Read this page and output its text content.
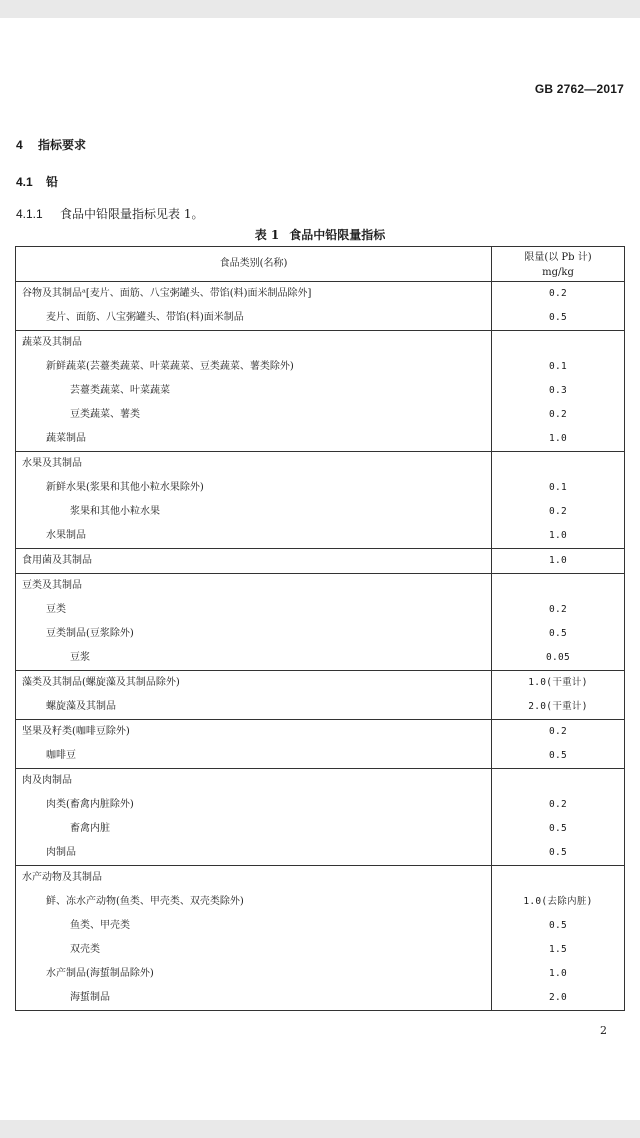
GB 2762—2017
4 指标要求
4.1 铅
4.1.1 食品中铅限量指标见表 1。
表 1 食品中铅限量指标
食品类别(名称)	限量(以 Pb 计)
mg/kg
谷物及其制品ᵃ[麦片、面筋、八宝粥罐头、带馅(料)面米制品除外]	0.2
麦片、面筋、八宝粥罐头、带馅(料)面米制品	0.5
蔬菜及其制品	
新鲜蔬菜(芸薹类蔬菜、叶菜蔬菜、豆类蔬菜、薯类除外)	0.1
芸薹类蔬菜、叶菜蔬菜	0.3
豆类蔬菜、薯类	0.2
蔬菜制品	1.0
水果及其制品	
新鲜水果(浆果和其他小粒水果除外)	0.1
浆果和其他小粒水果	0.2
水果制品	1.0
食用菌及其制品	1.0
豆类及其制品	
豆类	0.2
豆类制品(豆浆除外)	0.5
豆浆	0.05
藻类及其制品(螺旋藻及其制品除外)	1.0(干重计)
螺旋藻及其制品	2.0(干重计)
坚果及籽类(咖啡豆除外)	0.2
咖啡豆	0.5
肉及肉制品	
肉类(畜禽内脏除外)	0.2
畜禽内脏	0.5
肉制品	0.5
水产动物及其制品	
鲜、冻水产动物(鱼类、甲壳类、双壳类除外)	1.0(去除内脏)
鱼类、甲壳类	0.5
双壳类	1.5
水产制品(海蜇制品除外)	1.0
海蜇制品	2.0
2
